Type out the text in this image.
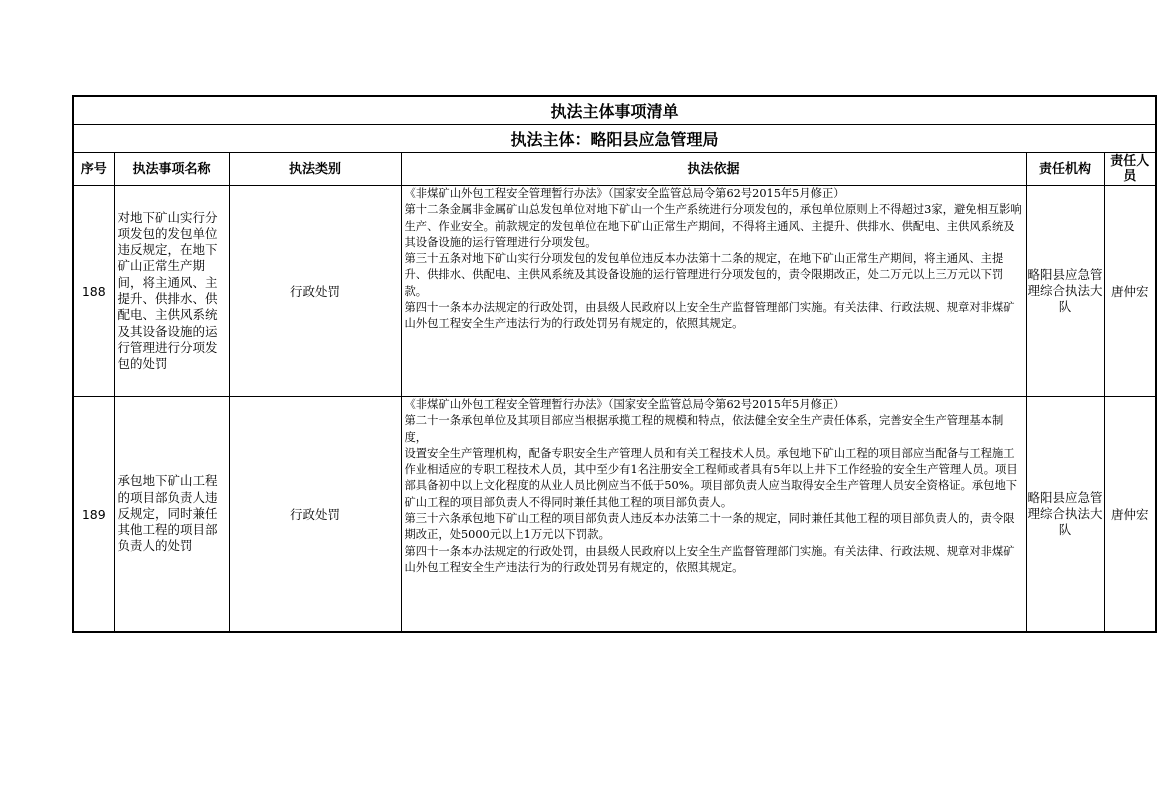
执法主体事项清单					
执法主体：略阳县应急管理局					
序号	执法事项名称	执法类别	执法依据	责任机构	责任人员
188	对地下矿山实行分项发包的发包单位违反规定，在地下矿山正常生产期间，将主通风、主提升、供排水、供配电、主供风系统及其设备设施的运行管理进行分项发包的处罚	行政处罚	《非煤矿山外包工程安全管理暂行办法》（国家安全监管总局令第62号2015年5月修正）
第十二条金属非金属矿山总发包单位对地下矿山一个生产系统进行分项发包的，承包单位原则上不得超过3家，避免相互影响生产、作业安全。前款规定的发包单位在地下矿山正常生产期间，不得将主通风、主提升、供排水、供配电、主供风系统及其设备设施的运行管理进行分项发包。
第三十五条对地下矿山实行分项发包的发包单位违反本办法第十二条的规定，在地下矿山正常生产期间，将主通风、主提升、供排水、供配电、主供风系统及其设备设施的运行管理进行分项发包的，责令限期改正，处二万元以上三万元以下罚款。
第四十一条本办法规定的行政处罚，由县级人民政府以上安全生产监督管理部门实施。有关法律、行政法规、规章对非煤矿山外包工程安全生产违法行为的行政处罚另有规定的，依照其规定。	略阳县应急管理综合执法大队	唐仲宏
189	承包地下矿山工程的项目部负责人违反规定，同时兼任其他工程的项目部负责人的处罚	行政处罚	《非煤矿山外包工程安全管理暂行办法》（国家安全监管总局令第62号2015年5月修正）
第二十一条承包单位及其项目部应当根据承揽工程的规模和特点，依法健全安全生产责任体系，完善安全生产管理基本制度，
设置安全生产管理机构，配备专职安全生产管理人员和有关工程技术人员。承包地下矿山工程的项目部应当配备与工程施工作业相适应的专职工程技术人员，其中至少有1名注册安全工程师或者具有5年以上井下工作经验的安全生产管理人员。项目部具备初中以上文化程度的从业人员比例应当不低于50%。项目部负责人应当取得安全生产管理人员安全资格证。承包地下矿山工程的项目部负责人不得同时兼任其他工程的项目部负责人。
第三十六条承包地下矿山工程的项目部负责人违反本办法第二十一条的规定，同时兼任其他工程的项目部负责人的，责令限期改正，处5000元以上1万元以下罚款。
第四十一条本办法规定的行政处罚，由县级人民政府以上安全生产监督管理部门实施。有关法律、行政法规、规章对非煤矿山外包工程安全生产违法行为的行政处罚另有规定的，依照其规定。	略阳县应急管理综合执法大队	唐仲宏
